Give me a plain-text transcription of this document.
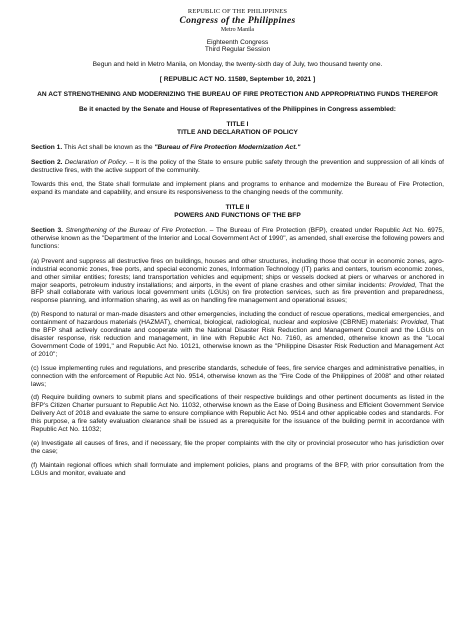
REPUBLIC OF THE PHILIPPINES
Congress of the Philippines
Metro Manila
Eighteenth Congress
Third Regular Session

Begun and held in Metro Manila, on Monday, the twenty-sixth day of July, two thousand twenty one.

[ REPUBLIC ACT NO. 11589, September 10, 2021 ]

AN ACT STRENGTHENING AND MODERNIZING THE BUREAU OF FIRE PROTECTION AND APPROPRIATING FUNDS THEREFOR

Be it enacted by the Senate and House of Representatives of the Philippines in Congress assembled:

TITLE I

TITLE AND DECLARATION OF POLICY

Section 1. This Act shall be known as the "Bureau of Fire Protection Modernization Act."

Section 2. Declaration of Policy. – It is the policy of the State to ensure public safety through the prevention and suppression of all kinds of destructive fires, with the active support of the community.

Towards this end, the State shall formulate and implement plans and programs to enhance and modernize the Bureau of Fire Protection, expand its mandate and capability, and ensure its responsiveness to the changing needs of the community.

TITLE II

POWERS AND FUNCTIONS OF THE BFP

Section 3. Strengthening of the Bureau of Fire Protection. – The Bureau of Fire Protection (BFP), created under Republic Act No. 6975, otherwise known as the "Department of the Interior and Local Government Act of 1990", as amended, shall exercise the following powers and functions:

(a) Prevent and suppress all destructive fires on buildings, houses and other structures, including those that occur in economic zones, agro-industrial economic zones, free ports, and special economic zones, Information Technology (IT) parks and centers, tourism economic zones, and other similar entities; forests; land transportation vehicles and equipment; ships or vessels docked at piers or wharves or anchored in major seaports, petroleum industry installations; and airports, in the event of plane crashes and other similar incidents: Provided, That the BFP shall collaborate with various local government units (LGUs) on fire protection services, such as fire prevention and preparedness, response planning, and information sharing, as well as on handling fire management and operational issues;

(b) Respond to natural or man-made disasters and other emergencies, including the conduct of rescue operations, medical emergencies, and containment of hazardous materials (HAZMAT), chemical, biological, radiological, nuclear and explosive (CBRNE) materials: Provided, That the BFP shall actively coordinate and cooperate with the National Disaster Risk Reduction and Management Council and the LGUs on disaster response, risk reduction and management, in line with Republic Act No. 7160, as amended, otherwise known as the "Local Government Code of 1991," and Republic Act No. 10121, otherwise known as the "Philippine Disaster Risk Reduction and Management Act of 2010";

(c) Issue implementing rules and regulations, and prescribe standards, schedule of fees, fire service charges and administrative penalties, in connection with the enforcement of Republic Act No. 9514, otherwise known as the "Fire Code of the Philippines of 2008" and other related laws;

(d) Require building owners to submit plans and specifications of their respective buildings and other pertinent documents as listed in the BFP's Citizen Charter pursuant to Republic Act No. 11032, otherwise known as the Ease of Doing Business and Efficient Government Service Delivery Act of 2018 and evaluate the same to ensure compliance with Republic Act No. 9514 and other applicable codes and standards. For this purpose, a fire safety evaluation clearance shall be issued as a prerequisite for the issuance of the building permit in accordance with Republic Act No. 11032;

(e) Investigate all causes of fires, and if necessary, file the proper complaints with the city or provincial prosecutor who has jurisdiction over the case;

(f) Maintain regional offices which shall formulate and implement policies, plans and programs of the BFP, with prior consultation from the LGUs and monitor, evaluate and
